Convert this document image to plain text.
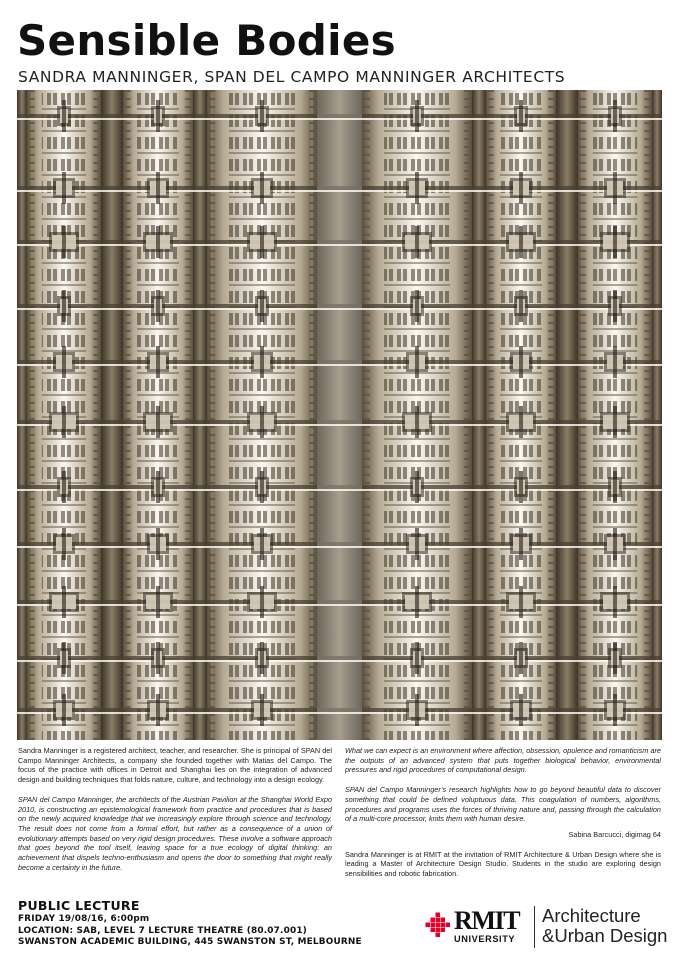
Sensible Bodies
SANDRA MANNINGER, SPAN DEL CAMPO MANNINGER ARCHITECTS

Sandra Manninger is a registered architect, teacher, and researcher. She is principal of SPAN del Campo Manninger Architects, a company she founded together with Matias del Campo. The focus of the practice with offices in Detroit and Shanghai lies on the integration of advanced design and building techniques that folds nature, culture, and technology into a design ecology.

SPAN del Campo Manninger, the architects of the Austrian Pavilion at the Shanghai World Expo 2010, is constructing an epistemological framework from practice and procedures that is based on the newly acquired knowledge that we increasingly explore through science and technology. The result does not come from a formal effort, but rather as a consequence of a union of evolutionary attempts based on very rigid design procedures. These involve a software approach that goes beyond the tool itself, leaving space for a true ecology of digital thinking: an achievement that dispels techno-enthusiasm and opens the door to something that might really become a certainty in the future.

What we can expect is an environment where affection, obsession, opulence and romanticism are the outputs of an advanced system that puts together biological behavior, environmental pressures and rigid procedures of computational design.

SPAN del Campo Manninger’s research highlights how to go beyond beautiful data to discover something that could be defined voluptuous data. This coagulation of numbers, algorithms, procedures and programs uses the forces of thriving nature and, passing through the calculation of a multi-core processor, knits them with human desire.

Sabina Barcucci, digimag 64

Sandra Manninger is at RMIT at the invitation of RMIT Architecture & Urban Design where she is leading a Master of Architecture Design Studio. Students in the studio are exploring design sensibilities and robotic fabrication.

PUBLIC LECTURE
FRIDAY 19/08/16, 6:00pm
LOCATION: SAB, LEVEL 7 LECTURE THEATRE (80.07.001)
SWANSTON ACADEMIC BUILDING, 445 SWANSTON ST, MELBOURNE
RMIT
UNIVERSITY
Architecture
&Urban Design
